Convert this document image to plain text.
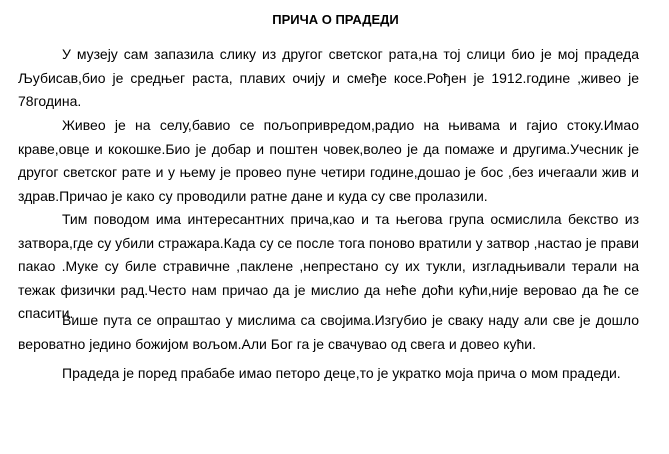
ПРИЧА О ПРАДЕДИ

У музеју сам запазила слику из другог светског рата,на тој слици био је мој прадеда Љубисав,био је средњег раста, плавих очију и смеђе косе.Рођен је 1912.годинe ,живео је 78година.

Живео је на селу,бавио се пољопривредом,радио на њивама и гајио стоку.Имао краве,овце и кокошке.Био је добар и поштен човек,волео је да помаже и другима.Учесник је другог светског рате и у њему је провео пуне четири године,дошао је бос ,без ичегаали жив и здрав.Причао је како су проводили ратне дане и куда су све пролазили.

Тим поводом има интересантних прича,као и та његова група осмислила бекство из затвора,где су убили стражара.Када су се после тога поново вратили у затвор ,настао је прави пакао .Муке су биле стравичне ,паклене ,непрестано су их тукли, изгладњивали терали на тежак физички рад.Често нам причао да је мислио да неће доћи кући,није веровао да ће се спасити.

Више пута се опраштао у мислима са својима.Изгубио је сваку наду али све је дошло вероватно једино божијом вољом.Али Бог га је свачувао од свега и довео кући.

Прадеда је поред прабабе имао петоро деце,то је укратко моја прича о мом прадеди.
